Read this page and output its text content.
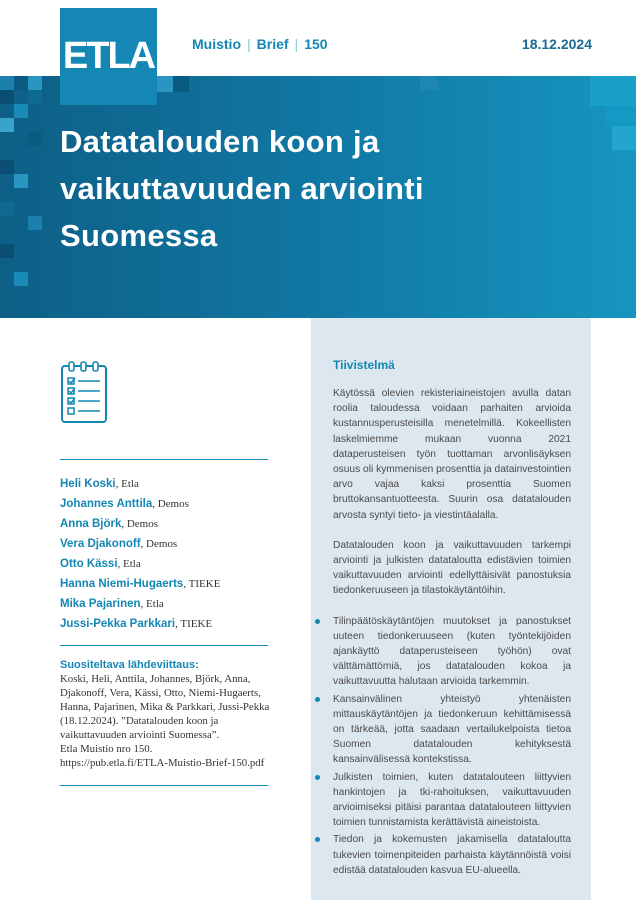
ETLA	Muistio | Brief | 150	18.12.2024
Datatalouden koon ja
vaikuttavuuden arviointi
Suomessa
Heli Koski, Etla
Johannes Anttila, Demos
Anna Björk, Demos
Vera Djakonoff, Demos
Otto Kässi, Etla
Hanna Niemi-Hugaerts, TIEKE
Mika Pajarinen, Etla
Jussi-Pekka Parkkari, TIEKE
Suositeltava lähdeviittaus:
Koski, Heli, Anttila, Johannes, Björk, Anna,
Djakonoff, Vera, Kässi, Otto, Niemi-Hugaerts,
Hanna, Pajarinen, Mika & Parkkari, Jussi-Pekka
(18.12.2024). ”Datatalouden koon ja
vaikuttavuuden arviointi Suomessa”.
Etla Muistio nro 150.
https://pub.etla.fi/ETLA-Muistio-Brief-150.pdf
Tiivistelmä

Käytössä olevien rekisteriaineistojen avulla datan roolia taloudessa voidaan parhaiten arvioida kustannusperusteisilla menetelmillä. Kokeellisten laskelmiemme mukaan vuonna 2021 dataperusteisen työn tuottaman arvonlisäyksen osuus oli kymmenisen prosenttia ja datainvestointien arvo vajaa kaksi prosenttia Suomen bruttokansantuotteesta. Suurin osa datatalouden arvosta syntyi tieto- ja viestintäalalla.

Datatalouden koon ja vaikuttavuuden tarkempi arviointi ja julkisten datataloutta edistävien toimien vaikuttavuuden arviointi edellyttäisivät panostuksia tiedonkeruuseen ja tilastokäytäntöihin.

Tilinpäätöskäytäntöjen muutokset ja panostukset uuteen tiedonkeruuseen (kuten työntekijöiden ajankäyttö dataperusteiseen työhön) ovat välttämättömiä, jos datatalouden kokoa ja vaikuttavuutta halutaan arvioida tarkemmin.
Kansainvälinen yhteistyö yhtenäisten mittauskäytäntöjen ja tiedonkeruun kehittämisessä on tärkeää, jotta saadaan vertailukelpoista tietoa Suomen datatalouden kehityksestä kansainvälisessä kontekstissa.
Julkisten toimien, kuten datatalouteen liittyvien hankintojen ja tki-rahoituksen, vaikuttavuuden arvioimiseksi pitäisi parantaa datatalouteen liittyvien toimien tunnistamista kerättävistä aineistoista.
Tiedon ja kokemusten jakamisella datataloutta tukevien toimenpiteiden parhaista käytännöistä voisi edistää datatalouden kasvua EU-alueella.
